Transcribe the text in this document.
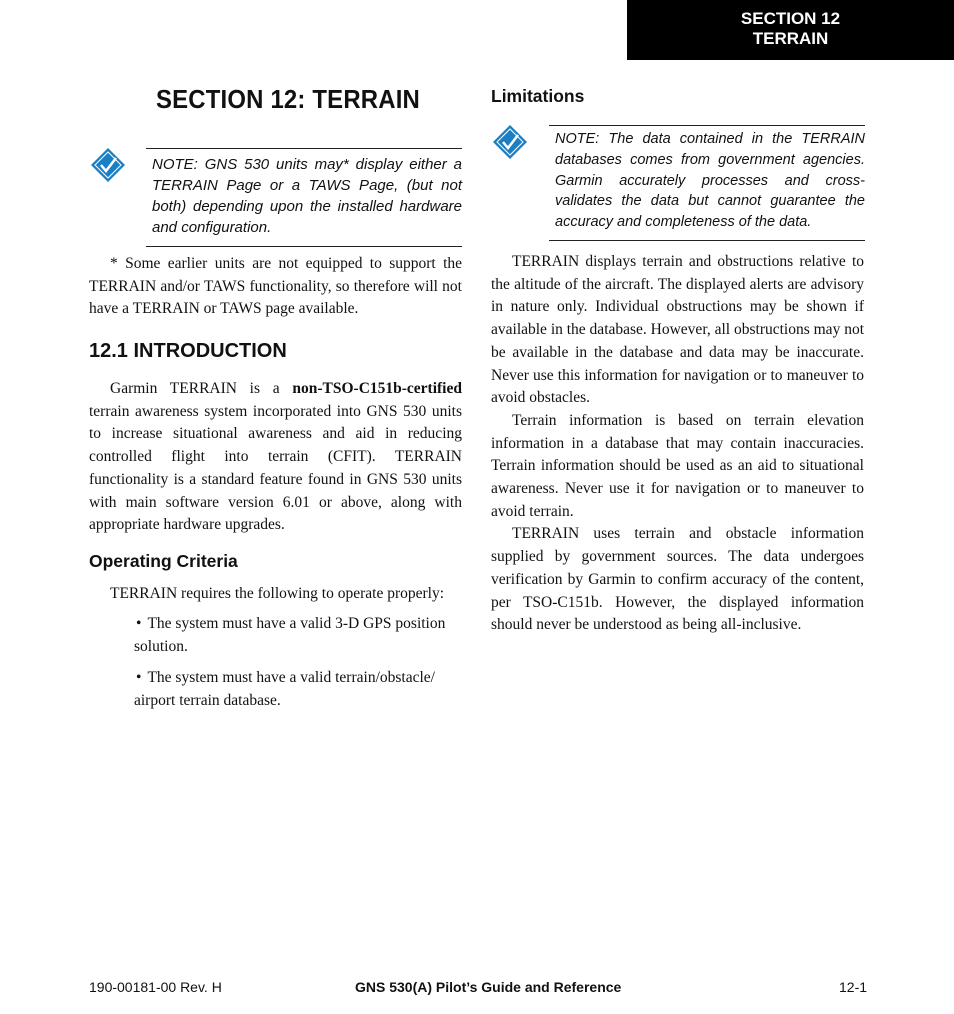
SECTION 12
TERRAIN
SECTION 12: TERRAIN
NOTE: GNS 530 units may* display either a TERRAIN Page or a TAWS Page, (but not both) depending upon the installed hardware and configuration.

* Some earlier units are not equipped to support the TERRAIN and/or TAWS functionality, so therefore will not have a TERRAIN or TAWS page available.

12.1 INTRODUCTION

Garmin TERRAIN is a non-TSO-C151b-certified terrain awareness system incorporated into GNS 530 units to increase situational awareness and aid in reducing controlled flight into terrain (CFIT). TERRAIN functionality is a standard feature found in GNS 530 units with main software version 6.01 or above, along with appropriate hardware upgrades.

Operating Criteria

TERRAIN requires the following to operate properly:

• The system must have a valid 3-D GPS position solution.
• The system must have a valid terrain/obstacle/ airport terrain database.
Limitations
NOTE: The data contained in the TERRAIN databases comes from government agencies. Garmin accurately processes and cross-validates the data but cannot guarantee the accuracy and completeness of the data.

TERRAIN displays terrain and obstructions relative to the altitude of the aircraft. The displayed alerts are advisory in nature only. Individual obstructions may be shown if available in the database. However, all obstructions may not be available in the database and data may be inaccurate. Never use this information for navigation or to maneuver to avoid obstacles.

Terrain information is based on terrain elevation information in a database that may contain inaccuracies. Terrain information should be used as an aid to situational awareness. Never use it for navigation or to maneuver to avoid terrain.

TERRAIN uses terrain and obstacle information supplied by government sources. The data undergoes verification by Garmin to confirm accuracy of the content, per TSO-C151b. However, the displayed information should never be understood as being all-inclusive.

190-00181-00 Rev. H	GNS 530(A) Pilot’s Guide and Reference	12-1
